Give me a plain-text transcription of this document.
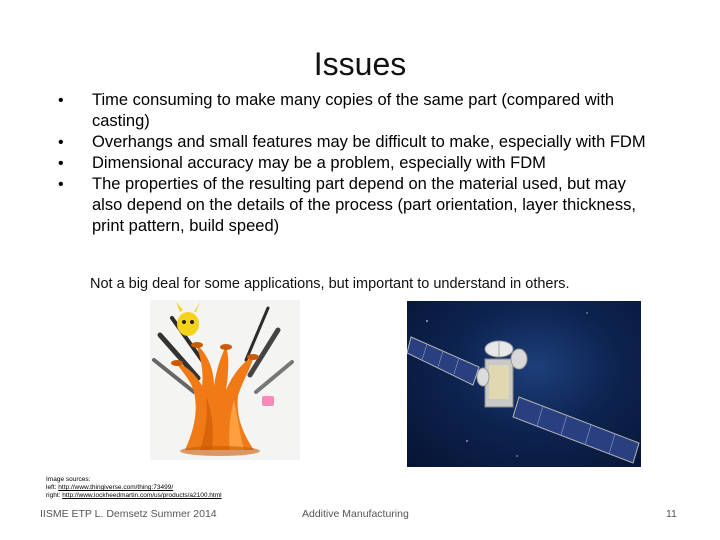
Issues
• Time consuming to make many copies of the same part (compared with casting)
• Overhangs and small features may be difficult to make, especially with FDM
• Dimensional accuracy may be a problem, especially with FDM
• The properties of the resulting part depend on the material used, but may also depend on the details of the process (part orientation, layer thickness, print pattern, build speed)
Not a big deal for some applications, but important to understand in others.
Image sources:
left: http://www.thingiverse.com/thing:73499/
right: http://www.lockheedmartin.com/us/products/a2100.html
IISME ETP L. Demsetz Summer 2014	Additive Manufacturing	11
